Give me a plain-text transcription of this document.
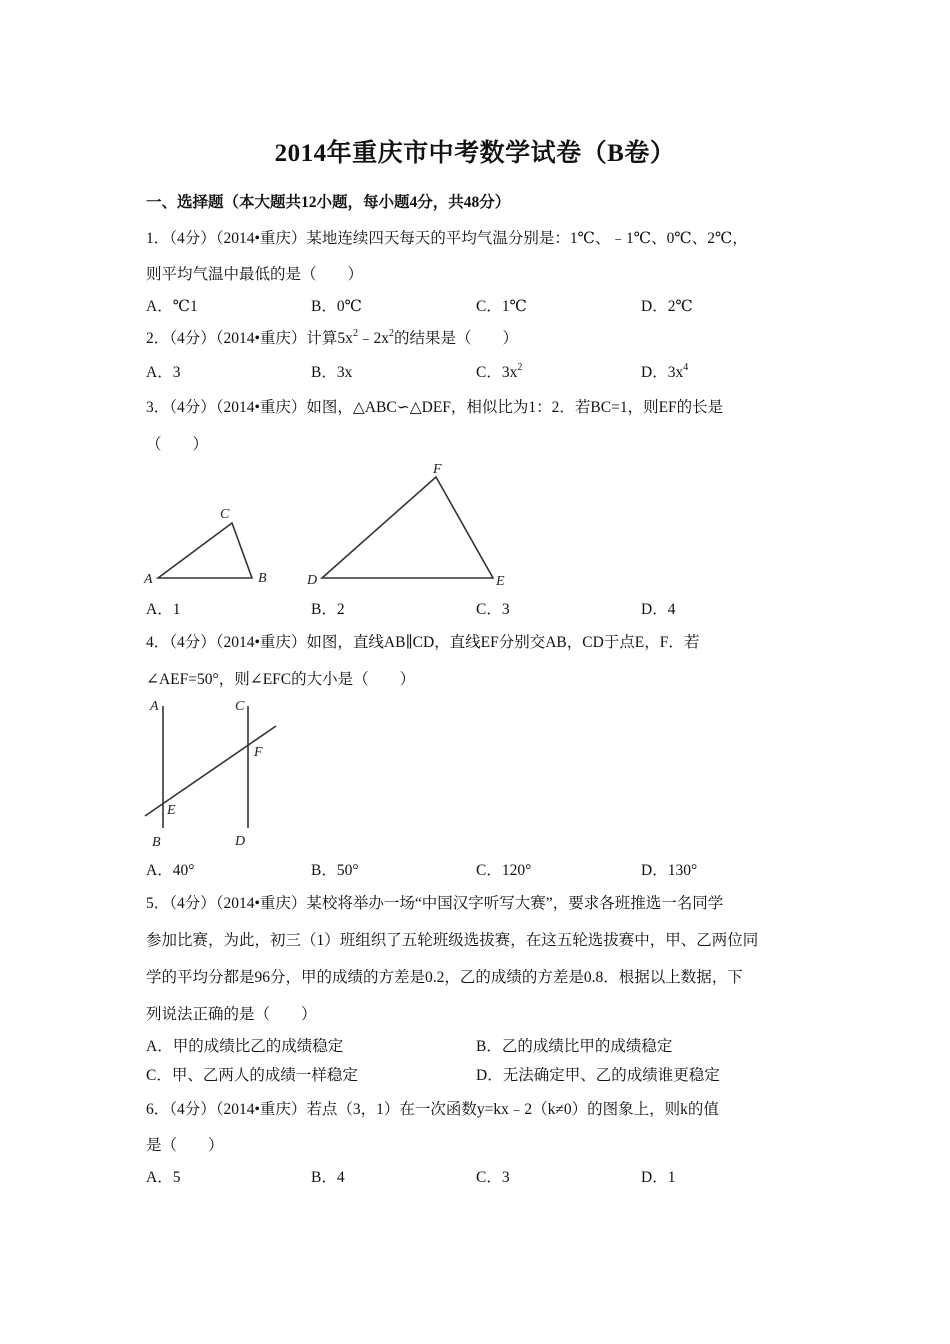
2014年重庆市中考数学试卷（B卷）
一、选择题（本大题共12小题，每小题4分，共48分）
1．（4分）（2014•重庆）某地连续四天每天的平均气温分别是：1℃、﹣1℃、0℃、2℃，
则平均气温中最低的是（　　）
A．℃1	B．0℃	C．1℃	D．2℃
2．（4分）（2014•重庆）计算$5x^2﹣2x^2$的结果是（　　）
A．3	B．3x	C．$3x^2$	D．$3x^4$
3．（4分）（2014•重庆）如图，△ABC∽△DEF，相似比为1：2．若BC=1，则EF的长是
（　　）
A	B
C
D	E
F
A．1	B．2	C．3	D．4
4．（4分）（2014•重庆）如图，直线AB∥CD，直线EF分别交AB，CD于点E，F．若
∠AEF=50°，则∠EFC的大小是（　　）
A	C
F
E
B	D
A．40°	B．50°	C．120°	D．130°
5．（4分）（2014•重庆）某校将举办一场“中国汉字听写大赛”，要求各班推选一名同学
参加比赛，为此，初三（1）班组织了五轮班级选拔赛，在这五轮选拔赛中，甲、乙两位同
学的平均分都是96分，甲的成绩的方差是0.2，乙的成绩的方差是0.8．根据以上数据，下
列说法正确的是（　　）
A．甲的成绩比乙的成绩稳定	B．乙的成绩比甲的成绩稳定
C．甲、乙两人的成绩一样稳定	D．无法确定甲、乙的成绩谁更稳定
6．（4分）（2014•重庆）若点（3，1）在一次函数y=kx﹣2（k≠0）的图象上，则k的值
是（　　）
A．5	B．4	C．3	D．1
